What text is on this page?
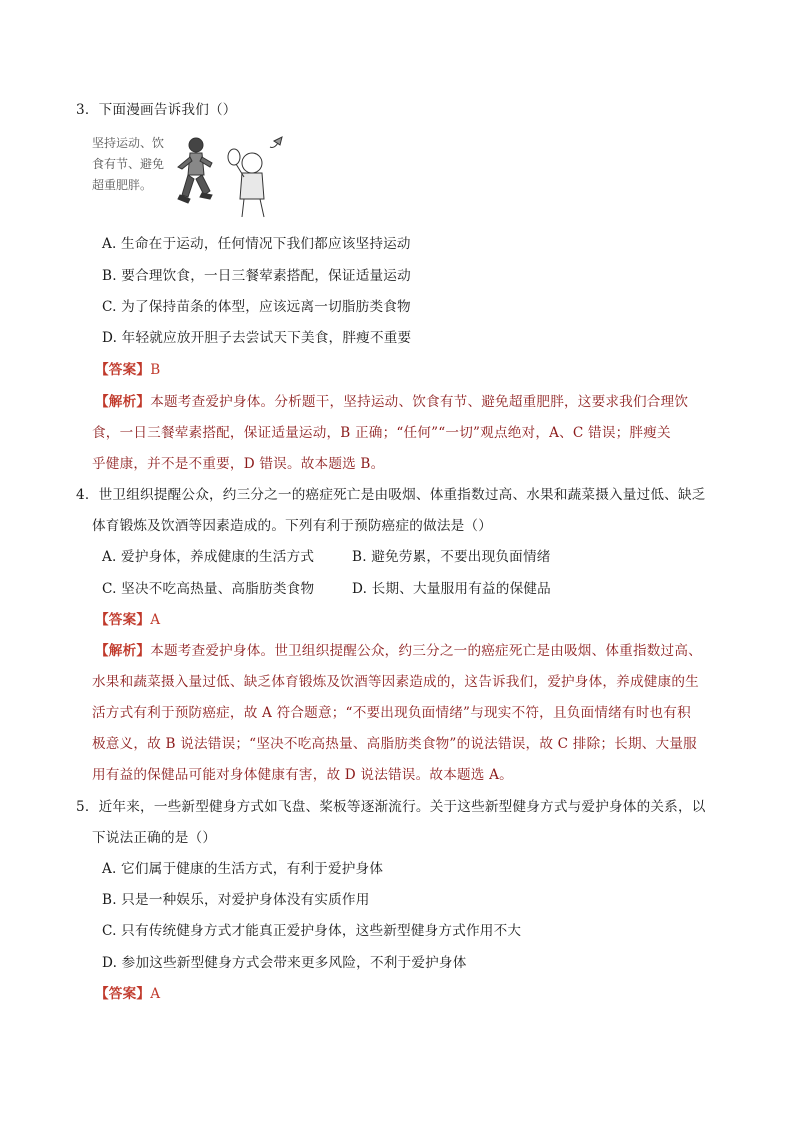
3．下面漫画告诉我们（）
坚持运动、饮食有节、避免超重肥胖。
A. 生命在于运动，任何情况下我们都应该坚持运动
B. 要合理饮食，一日三餐荤素搭配，保证适量运动
C. 为了保持苗条的体型，应该远离一切脂肪类食物
D. 年轻就应放开胆子去尝试天下美食，胖瘦不重要
【答案】B
【解析】本题考查爱护身体。分析题干，坚持运动、饮食有节、避免超重肥胖，这要求我们合理饮
食，一日三餐荤素搭配，保证适量运动，B 正确；“任何”“一切”观点绝对，A、C 错误；胖瘦关
乎健康，并不是不重要，D 错误。故本题选 B。
4．世卫组织提醒公众，约三分之一的癌症死亡是由吸烟、体重指数过高、水果和蔬菜摄入量过低、缺乏
体育锻炼及饮酒等因素造成的。下列有利于预防癌症的做法是（）
A. 爱护身体，养成健康的生活方式	B. 避免劳累，不要出现负面情绪
C. 坚决不吃高热量、高脂肪类食物	D. 长期、大量服用有益的保健品
【答案】A
【解析】本题考查爱护身体。世卫组织提醒公众，约三分之一的癌症死亡是由吸烟、体重指数过高、
水果和蔬菜摄入量过低、缺乏体育锻炼及饮酒等因素造成的，这告诉我们，爱护身体，养成健康的生
活方式有利于预防癌症，故 A 符合题意；“不要出现负面情绪”与现实不符，且负面情绪有时也有积
极意义，故 B 说法错误；“坚决不吃高热量、高脂肪类食物”的说法错误，故 C 排除；长期、大量服
用有益的保健品可能对身体健康有害，故 D 说法错误。故本题选 A。
5．近年来，一些新型健身方式如飞盘、桨板等逐渐流行。关于这些新型健身方式与爱护身体的关系，以
下说法正确的是（）
A. 它们属于健康的生活方式，有利于爱护身体
B. 只是一种娱乐，对爱护身体没有实质作用
C. 只有传统健身方式才能真正爱护身体，这些新型健身方式作用不大
D. 参加这些新型健身方式会带来更多风险，不利于爱护身体
【答案】A
